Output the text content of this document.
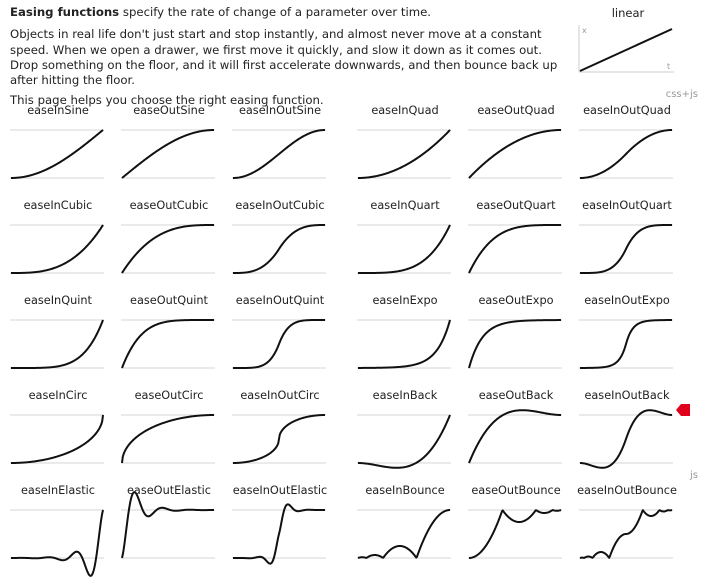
Easing functions specify the rate of change of a parameter over time.

Objects in real life don't just start and stop instantly, and almost never move at a constant speed. When we open a drawer, we first move it quickly, and slow it down as it comes out. Drop something on the floor, and it will first accelerate downwards, and then bounce back up after hitting the floor.

This page helps you choose the right easing function.

linear
x
t
css+js
js
easeInSine	easeOutSine	easeInOutSine	easeInQuad	easeOutQuad	easeInOutQuad
easeInCubic	easeOutCubic	easeInOutCubic	easeInQuart	easeOutQuart	easeInOutQuart
easeInQuint	easeOutQuint	easeInOutQuint	easeInExpo	easeOutExpo	easeInOutExpo
easeInCirc	easeOutCirc	easeInOutCirc	easeInBack	easeOutBack	easeInOutBack
easeInElastic	easeOutElastic	easeInOutElastic	easeInBounce	easeOutBounce	easeInOutBounce
